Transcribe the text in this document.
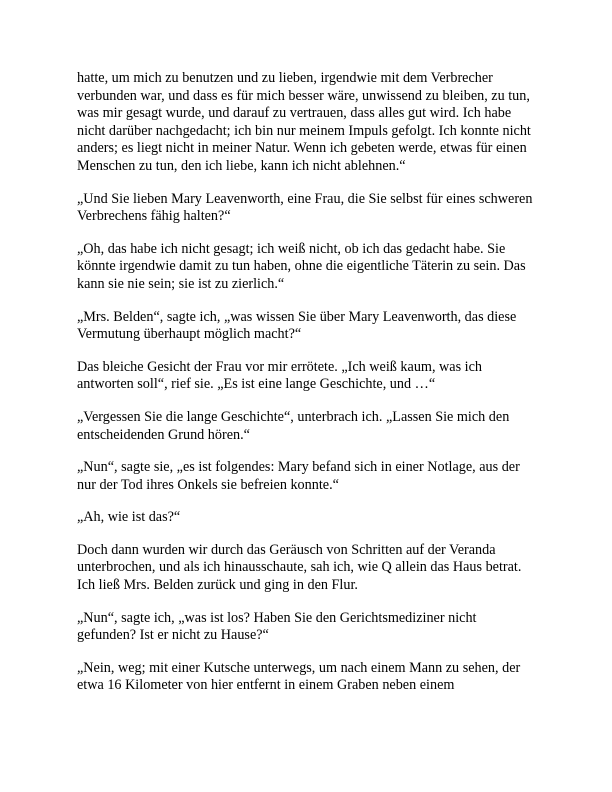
hatte, um mich zu benutzen und zu lieben, irgendwie mit dem Verbrecher verbunden war, und dass es für mich besser wäre, unwissend zu bleiben, zu tun, was mir gesagt wurde, und darauf zu vertrauen, dass alles gut wird. Ich habe nicht darüber nachgedacht; ich bin nur meinem Impuls gefolgt. Ich konnte nicht anders; es liegt nicht in meiner Natur. Wenn ich gebeten werde, etwas für einen Menschen zu tun, den ich liebe, kann ich nicht ablehnen.“

„Und Sie lieben Mary Leavenworth, eine Frau, die Sie selbst für eines schweren Verbrechens fähig halten?“

„Oh, das habe ich nicht gesagt; ich weiß nicht, ob ich das gedacht habe. Sie könnte irgendwie damit zu tun haben, ohne die eigentliche Täterin zu sein. Das kann sie nie sein; sie ist zu zierlich.“

„Mrs. Belden“, sagte ich, „was wissen Sie über Mary Leavenworth, das diese Vermutung überhaupt möglich macht?“

Das bleiche Gesicht der Frau vor mir errötete. „Ich weiß kaum, was ich antworten soll“, rief sie. „Es ist eine lange Geschichte, und …“

„Vergessen Sie die lange Geschichte“, unterbrach ich. „Lassen Sie mich den entscheidenden Grund hören.“

„Nun“, sagte sie, „es ist folgendes: Mary befand sich in einer Notlage, aus der nur der Tod ihres Onkels sie befreien konnte.“

„Ah, wie ist das?“

Doch dann wurden wir durch das Geräusch von Schritten auf der Veranda unterbrochen, und als ich hinausschaute, sah ich, wie Q allein das Haus betrat. Ich ließ Mrs. Belden zurück und ging in den Flur.

„Nun“, sagte ich, „was ist los? Haben Sie den Gerichtsmediziner nicht gefunden? Ist er nicht zu Hause?“

„Nein, weg; mit einer Kutsche unterwegs, um nach einem Mann zu sehen, der etwa 16 Kilometer von hier entfernt in einem Graben neben einem
